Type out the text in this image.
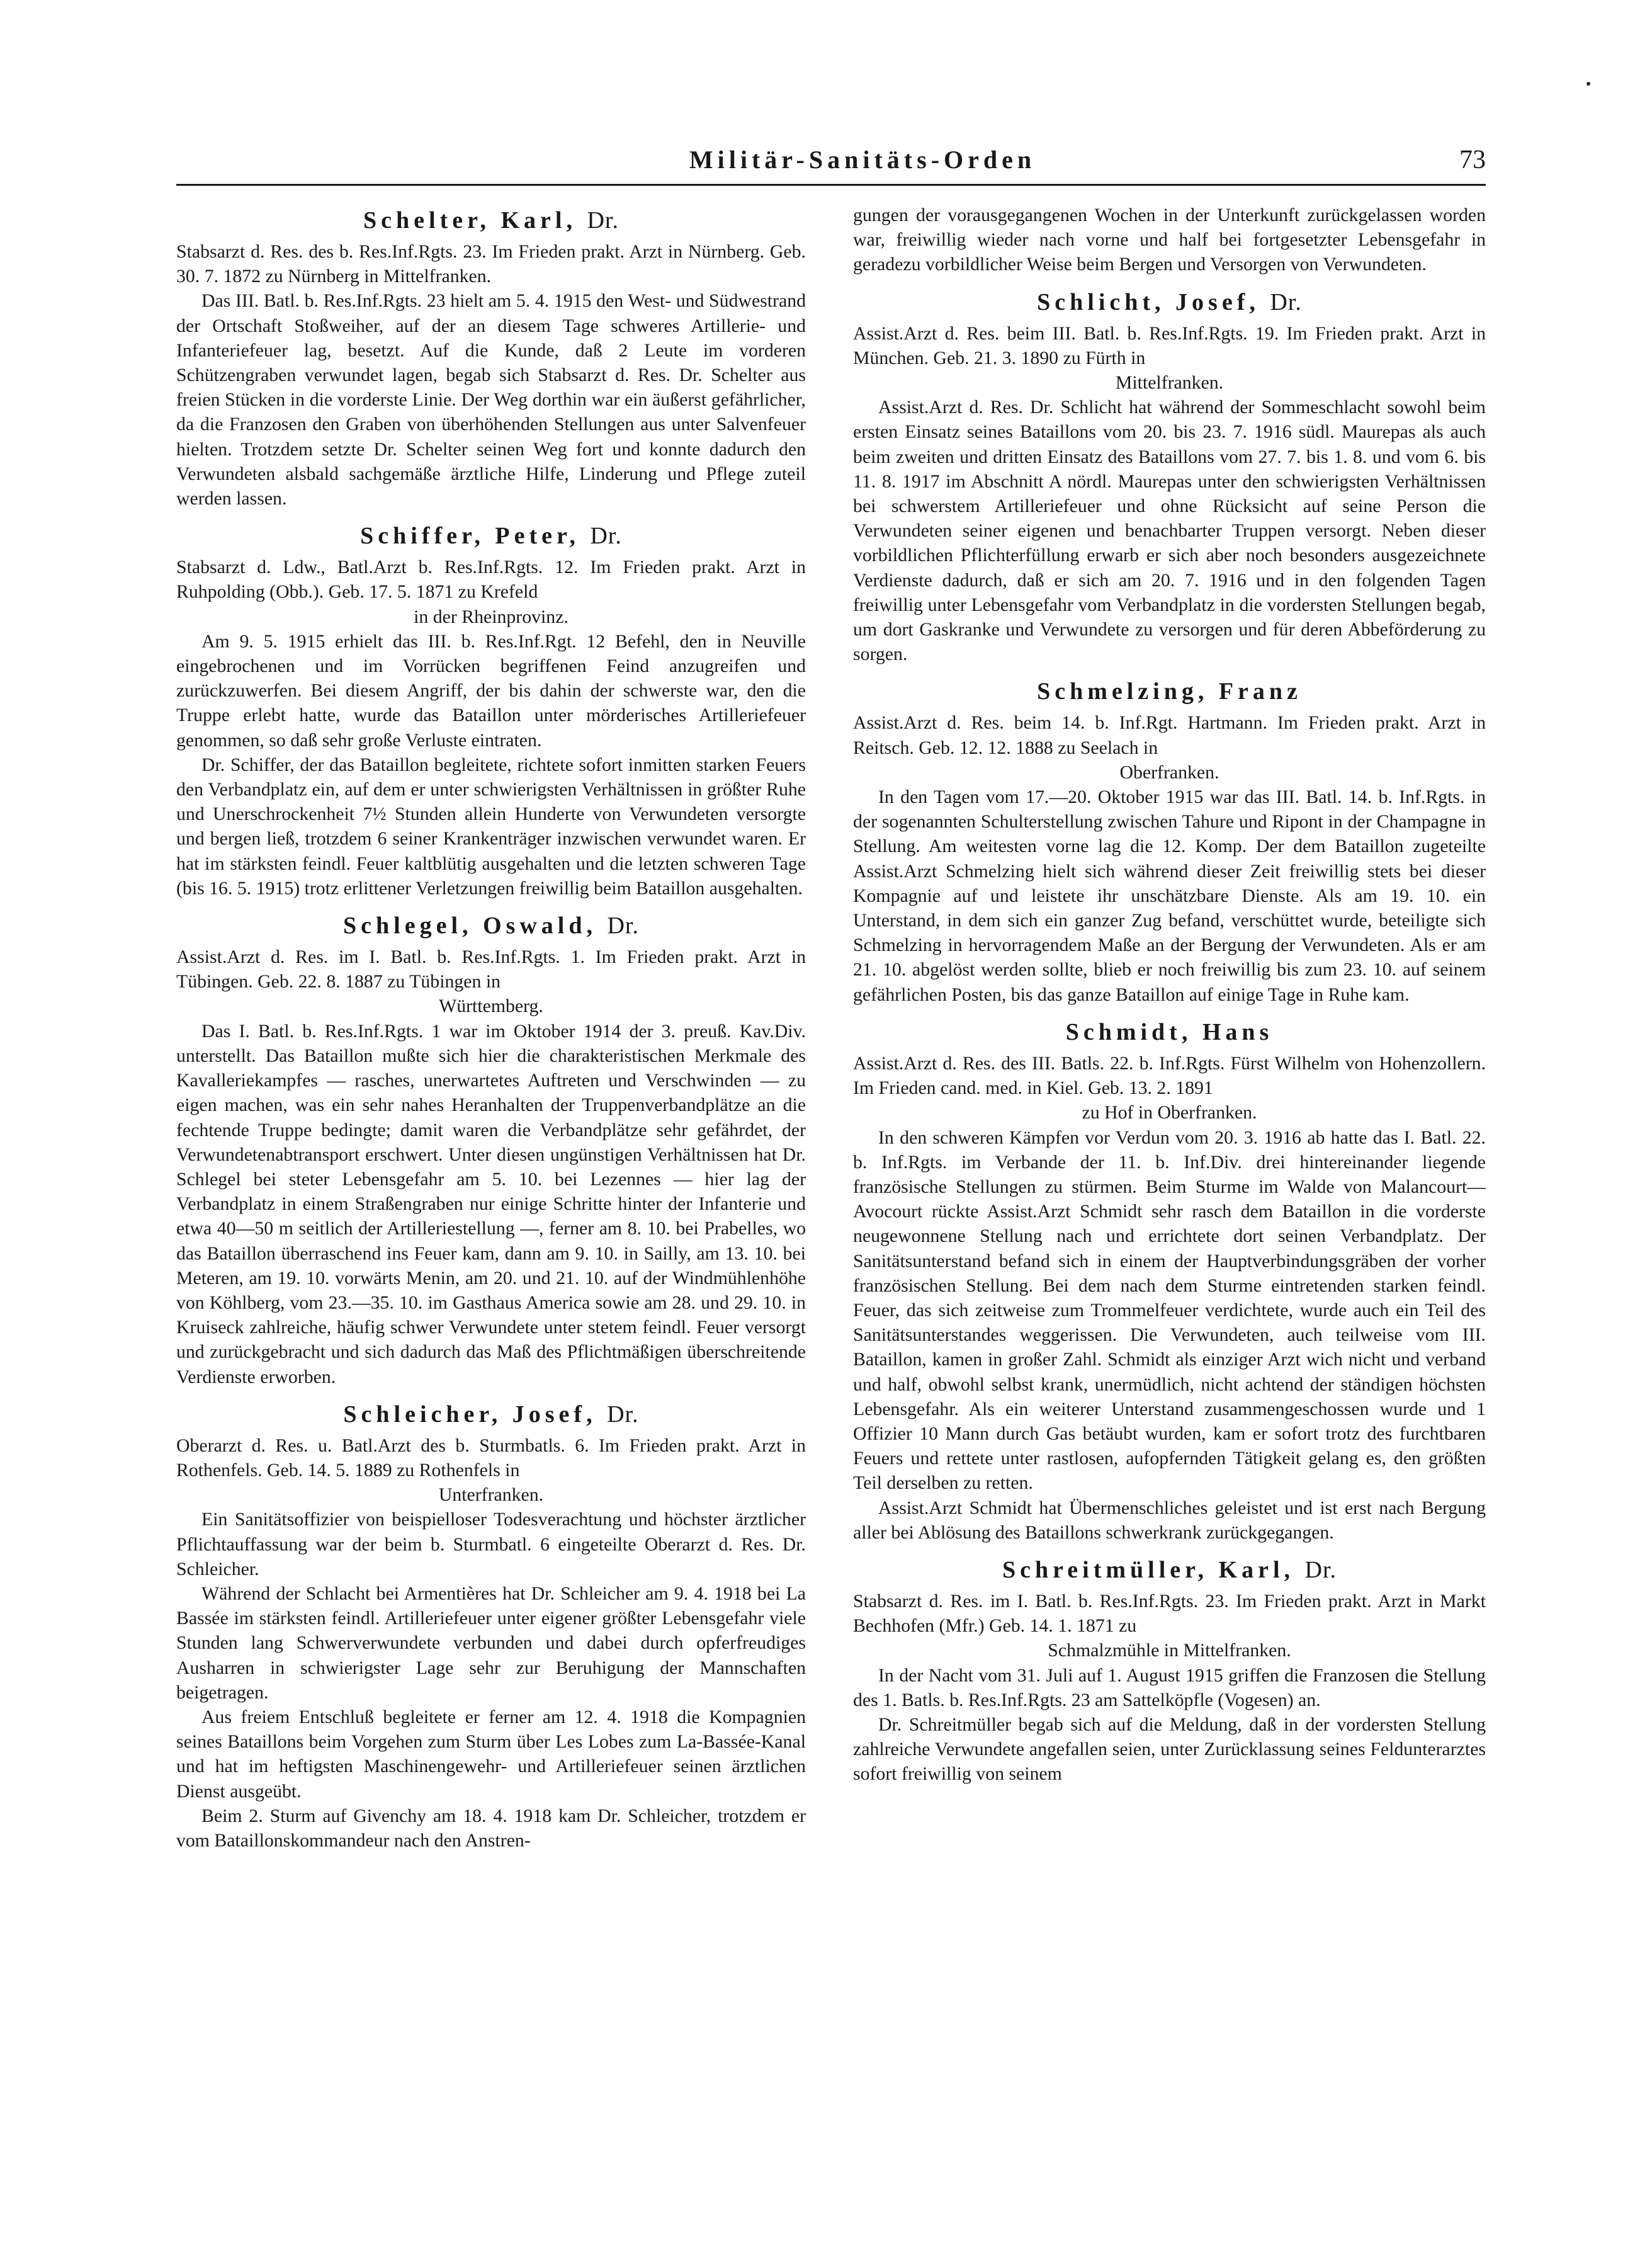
Militär-Sanitäts-Orden	73
Schelter, Karl, Dr.

Stabsarzt d. Res. des b. Res.Inf.Rgts. 23. Im Frieden prakt. Arzt in Nürnberg. Geb. 30. 7. 1872 zu Nürnberg in Mittelfranken.

Das III. Batl. b. Res.Inf.Rgts. 23 hielt am 5. 4. 1915 den West- und Südwestrand der Ortschaft Stoßweiher, auf der an diesem Tage schweres Artillerie- und Infanteriefeuer lag, besetzt. Auf die Kunde, daß 2 Leute im vorderen Schützengraben verwundet lagen, begab sich Stabsarzt d. Res. Dr. Schelter aus freien Stücken in die vorderste Linie. Der Weg dorthin war ein äußerst gefährlicher, da die Franzosen den Graben von überhöhenden Stellungen aus unter Salvenfeuer hielten. Trotzdem setzte Dr. Schelter seinen Weg fort und konnte dadurch den Verwundeten alsbald sachgemäße ärztliche Hilfe, Linderung und Pflege zuteil werden lassen.

Schiffer, Peter, Dr.

Stabsarzt d. Ldw., Batl.Arzt b. Res.Inf.Rgts. 12. Im Frieden prakt. Arzt in Ruhpolding (Obb.). Geb. 17. 5. 1871 zu Krefeld

in der Rheinprovinz.

Am 9. 5. 1915 erhielt das III. b. Res.Inf.Rgt. 12 Befehl, den in Neuville eingebrochenen und im Vorrücken begriffenen Feind anzugreifen und zurückzuwerfen. Bei diesem Angriff, der bis dahin der schwerste war, den die Truppe erlebt hatte, wurde das Bataillon unter mörderisches Artilleriefeuer genommen, so daß sehr große Verluste eintraten.

Dr. Schiffer, der das Bataillon begleitete, richtete sofort inmitten starken Feuers den Verbandplatz ein, auf dem er unter schwierigsten Verhältnissen in größter Ruhe und Unerschrockenheit 7½ Stunden allein Hunderte von Verwundeten versorgte und bergen ließ, trotzdem 6 seiner Krankenträger inzwischen verwundet waren. Er hat im stärksten feindl. Feuer kaltblütig ausgehalten und die letzten schweren Tage (bis 16. 5. 1915) trotz erlittener Verletzungen freiwillig beim Bataillon ausgehalten.

Schlegel, Oswald, Dr.

Assist.Arzt d. Res. im I. Batl. b. Res.Inf.Rgts. 1. Im Frieden prakt. Arzt in Tübingen. Geb. 22. 8. 1887 zu Tübingen in

Württemberg.

Das I. Batl. b. Res.Inf.Rgts. 1 war im Oktober 1914 der 3. preuß. Kav.Div. unterstellt. Das Bataillon mußte sich hier die charakteristischen Merkmale des Kavalleriekampfes — rasches, unerwartetes Auftreten und Verschwinden — zu eigen machen, was ein sehr nahes Heranhalten der Truppenverbandplätze an die fechtende Truppe bedingte; damit waren die Verbandplätze sehr gefährdet, der Verwundetenabtransport erschwert. Unter diesen ungünstigen Verhältnissen hat Dr. Schlegel bei steter Lebensgefahr am 5. 10. bei Lezennes — hier lag der Verbandplatz in einem Straßengraben nur einige Schritte hinter der Infanterie und etwa 40—50 m seitlich der Artilleriestellung —, ferner am 8. 10. bei Prabelles, wo das Bataillon überraschend ins Feuer kam, dann am 9. 10. in Sailly, am 13. 10. bei Meteren, am 19. 10. vorwärts Menin, am 20. und 21. 10. auf der Windmühlenhöhe von Köhlberg, vom 23.—35. 10. im Gasthaus America sowie am 28. und 29. 10. in Kruiseck zahlreiche, häufig schwer Verwundete unter stetem feindl. Feuer versorgt und zurückgebracht und sich dadurch das Maß des Pflichtmäßigen überschreitende Verdienste erworben.

Schleicher, Josef, Dr.

Oberarzt d. Res. u. Batl.Arzt des b. Sturmbatls. 6. Im Frieden prakt. Arzt in Rothenfels. Geb. 14. 5. 1889 zu Rothenfels in

Unterfranken.

Ein Sanitätsoffizier von beispielloser Todesverachtung und höchster ärztlicher Pflichtauffassung war der beim b. Sturmbatl. 6 eingeteilte Oberarzt d. Res. Dr. Schleicher.

Während der Schlacht bei Armentières hat Dr. Schleicher am 9. 4. 1918 bei La Bassée im stärksten feindl. Artilleriefeuer unter eigener größter Lebensgefahr viele Stunden lang Schwerverwundete verbunden und dabei durch opferfreudiges Ausharren in schwierigster Lage sehr zur Beruhigung der Mannschaften beigetragen.

Aus freiem Entschluß begleitete er ferner am 12. 4. 1918 die Kompagnien seines Bataillons beim Vorgehen zum Sturm über Les Lobes zum La-Bassée-Kanal und hat im heftigsten Maschinengewehr- und Artilleriefeuer seinen ärztlichen Dienst ausgeübt.

Beim 2. Sturm auf Givenchy am 18. 4. 1918 kam Dr. Schleicher, trotzdem er vom Bataillonskommandeur nach den Anstren-

gungen der vorausgegangenen Wochen in der Unterkunft zurückgelassen worden war, freiwillig wieder nach vorne und half bei fortgesetzter Lebensgefahr in geradezu vorbildlicher Weise beim Bergen und Versorgen von Verwundeten.

Schlicht, Josef, Dr.

Assist.Arzt d. Res. beim III. Batl. b. Res.Inf.Rgts. 19. Im Frieden prakt. Arzt in München. Geb. 21. 3. 1890 zu Fürth in

Mittelfranken.

Assist.Arzt d. Res. Dr. Schlicht hat während der Sommeschlacht sowohl beim ersten Einsatz seines Bataillons vom 20. bis 23. 7. 1916 südl. Maurepas als auch beim zweiten und dritten Einsatz des Bataillons vom 27. 7. bis 1. 8. und vom 6. bis 11. 8. 1917 im Abschnitt A nördl. Maurepas unter den schwierigsten Verhältnissen bei schwerstem Artilleriefeuer und ohne Rücksicht auf seine Person die Verwundeten seiner eigenen und benachbarter Truppen versorgt. Neben dieser vorbildlichen Pflichterfüllung erwarb er sich aber noch besonders ausgezeichnete Verdienste dadurch, daß er sich am 20. 7. 1916 und in den folgenden Tagen freiwillig unter Lebensgefahr vom Verbandplatz in die vordersten Stellungen begab, um dort Gaskranke und Verwundete zu versorgen und für deren Abbeförderung zu sorgen.

Schmelzing, Franz

Assist.Arzt d. Res. beim 14. b. Inf.Rgt. Hartmann. Im Frieden prakt. Arzt in Reitsch. Geb. 12. 12. 1888 zu Seelach in

Oberfranken.

In den Tagen vom 17.—20. Oktober 1915 war das III. Batl. 14. b. Inf.Rgts. in der sogenannten Schulterstellung zwischen Tahure und Ripont in der Champagne in Stellung. Am weitesten vorne lag die 12. Komp. Der dem Bataillon zugeteilte Assist.Arzt Schmelzing hielt sich während dieser Zeit freiwillig stets bei dieser Kompagnie auf und leistete ihr unschätzbare Dienste. Als am 19. 10. ein Unterstand, in dem sich ein ganzer Zug befand, verschüttet wurde, beteiligte sich Schmelzing in hervorragendem Maße an der Bergung der Verwundeten. Als er am 21. 10. abgelöst werden sollte, blieb er noch freiwillig bis zum 23. 10. auf seinem gefährlichen Posten, bis das ganze Bataillon auf einige Tage in Ruhe kam.

Schmidt, Hans

Assist.Arzt d. Res. des III. Batls. 22. b. Inf.Rgts. Fürst Wilhelm von Hohenzollern. Im Frieden cand. med. in Kiel. Geb. 13. 2. 1891

zu Hof in Oberfranken.

In den schweren Kämpfen vor Verdun vom 20. 3. 1916 ab hatte das I. Batl. 22. b. Inf.Rgts. im Verbande der 11. b. Inf.Div. drei hintereinander liegende französische Stellungen zu stürmen. Beim Sturme im Walde von Malancourt—Avocourt rückte Assist.Arzt Schmidt sehr rasch dem Bataillon in die vorderste neugewonnene Stellung nach und errichtete dort seinen Verbandplatz. Der Sanitätsunterstand befand sich in einem der Hauptverbindungsgräben der vorher französischen Stellung. Bei dem nach dem Sturme eintretenden starken feindl. Feuer, das sich zeitweise zum Trommelfeuer verdichtete, wurde auch ein Teil des Sanitätsunterstandes weggerissen. Die Verwundeten, auch teilweise vom III. Bataillon, kamen in großer Zahl. Schmidt als einziger Arzt wich nicht und verband und half, obwohl selbst krank, unermüdlich, nicht achtend der ständigen höchsten Lebensgefahr. Als ein weiterer Unterstand zusammengeschossen wurde und 1 Offizier 10 Mann durch Gas betäubt wurden, kam er sofort trotz des furchtbaren Feuers und rettete unter rastlosen, aufopfernden Tätigkeit gelang es, den größten Teil derselben zu retten.

Assist.Arzt Schmidt hat Übermenschliches geleistet und ist erst nach Bergung aller bei Ablösung des Bataillons schwerkrank zurückgegangen.

Schreitmüller, Karl, Dr.

Stabsarzt d. Res. im I. Batl. b. Res.Inf.Rgts. 23. Im Frieden prakt. Arzt in Markt Bechhofen (Mfr.) Geb. 14. 1. 1871 zu

Schmalzmühle in Mittelfranken.

In der Nacht vom 31. Juli auf 1. August 1915 griffen die Franzosen die Stellung des 1. Batls. b. Res.Inf.Rgts. 23 am Sattelköpfle (Vogesen) an.

Dr. Schreitmüller begab sich auf die Meldung, daß in der vordersten Stellung zahlreiche Verwundete angefallen seien, unter Zurücklassung seines Feldunterarztes sofort freiwillig von seinem
